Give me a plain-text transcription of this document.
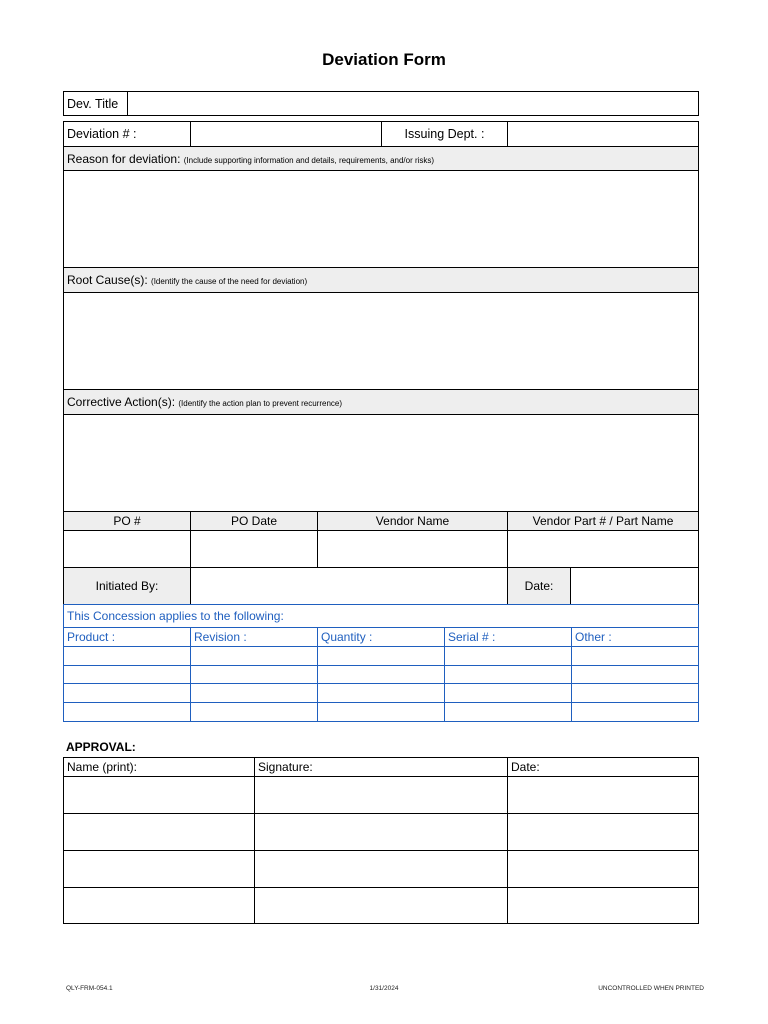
Deviation Form
Dev. Title	
Deviation # :			Issuing Dept. :		
Reason for deviation: (Include supporting information and details, requirements, and/or risks)					

Root Cause(s): (Identify the cause of the need for deviation)					

Corrective Action(s): (Identify the action plan to prevent recurrence)					

PO #	PO Date	Vendor Name		Vendor Part # / Part Name	

Initiated By:				Date:	
This Concession applies to the following:				
Product :	Revision :	Quantity :	Serial # :	Other :

APPROVAL:
Name (print):	Signature:	Date:

QLY-FRM-054.1	1/31/2024	UNCONTROLLED WHEN PRINTED
